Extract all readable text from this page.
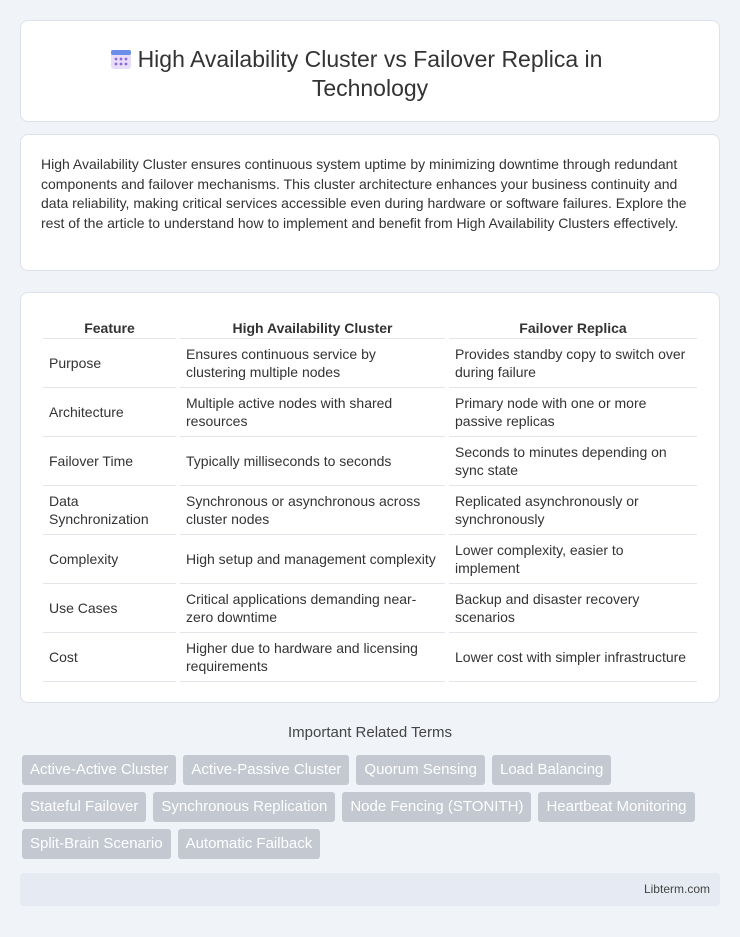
High Availability Cluster vs Failover Replica in Technology

High Availability Cluster ensures continuous system uptime by minimizing downtime through redundant components and failover mechanisms. This cluster architecture enhances your business continuity and data reliability, making critical services accessible even during hardware or software failures. Explore the rest of the article to understand how to implement and benefit from High Availability Clusters effectively.

Feature	High Availability Cluster	Failover Replica
Purpose	Ensures continuous service by clustering multiple nodes	Provides standby copy to switch over during failure
Architecture	Multiple active nodes with shared resources	Primary node with one or more passive replicas
Failover Time	Typically milliseconds to seconds	Seconds to minutes depending on sync state
Data Synchronization	Synchronous or asynchronous across cluster nodes	Replicated asynchronously or synchronously
Complexity	High setup and management complexity	Lower complexity, easier to implement
Use Cases	Critical applications demanding near-zero downtime	Backup and disaster recovery scenarios
Cost	Higher due to hardware and licensing requirements	Lower cost with simpler infrastructure
Important Related Terms
Active-Active Cluster	Active-Passive Cluster	Quorum Sensing	Load Balancing
Stateful Failover	Synchronous Replication	Node Fencing (STONITH)	Heartbeat Monitoring
Split-Brain Scenario	Automatic Failback
Libterm.com
